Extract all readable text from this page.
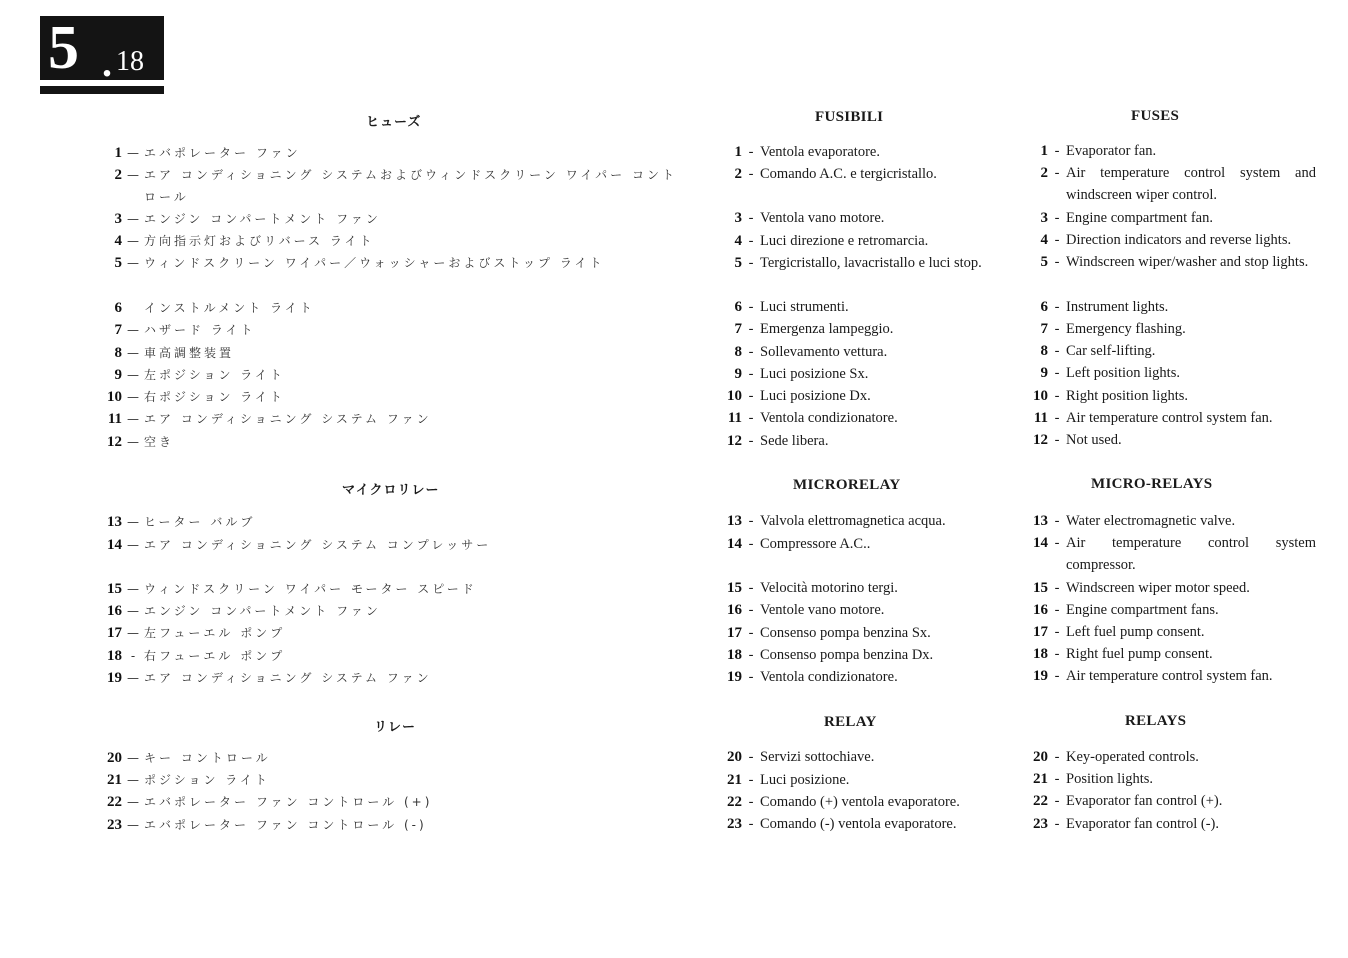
5 . 18
ヒューズ
マイクロリレー
リレー
1 — エバポレーター ファン
2 — エア コンディショニング システムおよびウィンドスクリーン ワイパー コントロール
3 — エンジン コンパートメント ファン
4 — 方向指示灯およびリバース ライト
5 — ウィンドスクリーン ワイパー／ウォッシャーおよびストップ ライト
6 インストルメント ライト
7 — ハザード ライト
8 — 車高調整装置
9 — 左ポジション ライト
10 — 右ポジション ライト
11 — エア コンディショニング システム ファン
12 — 空き
13 — ヒーター バルブ
14 — エア コンディショニング システム コンプレッサー
15 — ウィンドスクリーン ワイパー モーター スピード
16 — エンジン コンパートメント ファン
17 — 左フューエル ポンプ
18 - 右フューエル ポンプ
19 — エア コンディショニング システム ファン
20 — キー コントロール
21 — ポジション ライト
22 — エバポレーター ファン コントロール (+)
23 — エバポレーター ファン コントロール (-)
FUSIBILI
MICRORELAY
RELAY
1 - Ventola evaporatore.
2 - Comando A.C. e tergicristallo.
3 - Ventola vano motore.
4 - Luci direzione e retromarcia.
5 - Tergicristallo, lavacristallo e luci stop.
6 - Luci strumenti.
7 - Emergenza lampeggio.
8 - Sollevamento vettura.
9 - Luci posizione Sx.
10 - Luci posizione Dx.
11 - Ventola condizionatore.
12 - Sede libera.
13 - Valvola elettromagnetica acqua.
14 - Compressore A.C..
15 - Velocità motorino tergi.
16 - Ventole vano motore.
17 - Consenso pompa benzina Sx.
18 - Consenso pompa benzina Dx.
19 - Ventola condizionatore.
20 - Servizi sottochiave.
21 - Luci posizione.
22 - Comando (+) ventola evaporatore.
23 - Comando (-) ventola evaporatore.
FUSES
MICRO-RELAYS
RELAYS
1 - Evaporator fan.
2 - Air temperature control system and windscreen wiper control.
3 - Engine compartment fan.
4 - Direction indicators and reverse lights.
5 - Windscreen wiper/washer and stop lights.
6 - Instrument lights.
7 - Emergency flashing.
8 - Car self-lifting.
9 - Left position lights.
10 - Right position lights.
11 - Air temperature control system fan.
12 - Not used.
13 - Water electromagnetic valve.
14 - Air temperature control system compressor.
15 - Windscreen wiper motor speed.
16 - Engine compartment fans.
17 - Left fuel pump consent.
18 - Right fuel pump consent.
19 - Air temperature control system fan.
20 - Key-operated controls.
21 - Position lights.
22 - Evaporator fan control (+).
23 - Evaporator fan control (-).
